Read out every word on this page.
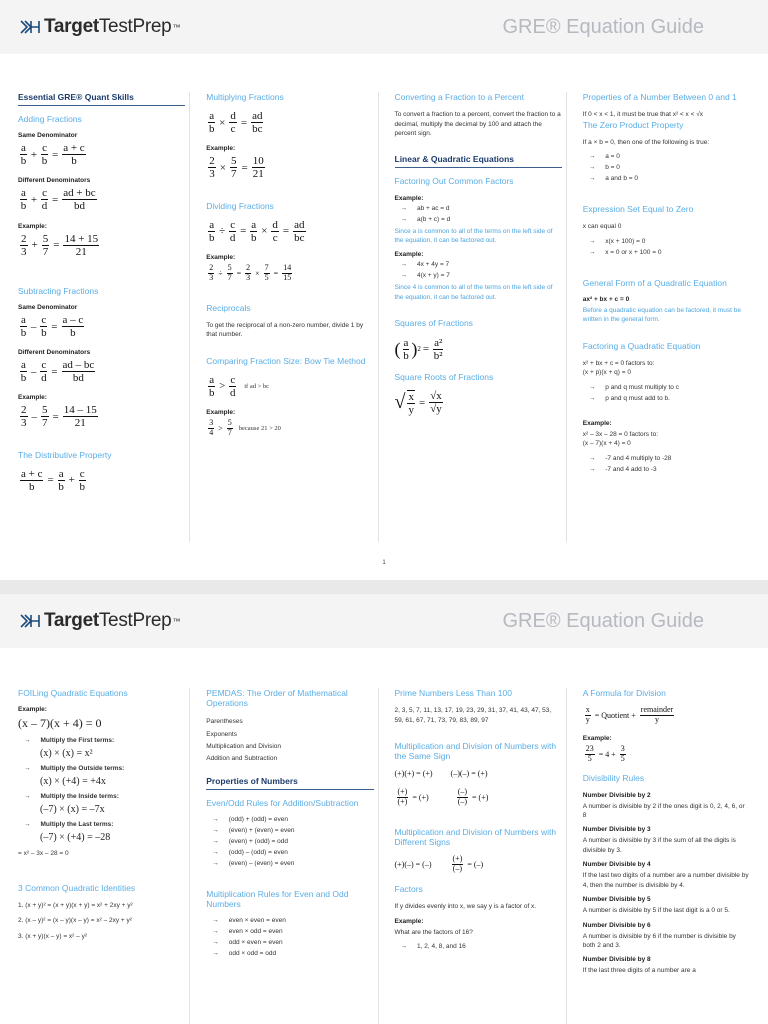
Target TestPrep ™	GRE® Equation Guide
Essential GRE® Quant Skills
Adding Fractions
Same Denominator
$\frac{a}{b} + \frac{c}{b} = \frac{a + c}{b}$
Different Denominators
$\frac{a}{b} + \frac{c}{d} = \frac{ad + bc}{bd}$
Example:
$\frac{2}{3} + \frac{5}{7} = \frac{14 + 15}{21}$
Subtracting Fractions
Same Denominator
$\frac{a}{b} - \frac{c}{b} = \frac{a - c}{b}$
Different Denominators
$\frac{a}{b} - \frac{c}{d} = \frac{ad - bc}{bd}$
Example:
$\frac{2}{3} - \frac{5}{7} = \frac{14 - 15}{21}$
The Distributive Property
$\frac{a + c}{b} = \frac{a}{b} + \frac{c}{b}$
Multiplying Fractions
$\frac{a}{b} \times \frac{d}{c} = \frac{ad}{bc}$
Example:
$\frac{2}{3} \times \frac{5}{7} = \frac{10}{21}$
Dividing Fractions
$\frac{a}{b} \div \frac{c}{d} = \frac{a}{b} \times \frac{d}{c} = \frac{ad}{bc}$
Example:
$\frac{2}{3} \div \frac{5}{7} = \frac{2}{3} \times \frac{7}{5} = \frac{14}{15}$
Reciprocals
To get the reciprocal of a non-zero number, divide 1 by that number.
Comparing Fraction Size: Bow Tie Method
$\frac{a}{b} > \frac{c}{d}$ if ad > bc
Example:
$\frac{3}{4} > \frac{5}{7}$ because 21 > 20
Converting a Fraction to a Percent
To convert a fraction to a percent, convert the fraction to a decimal, multiply the decimal by 100 and attach the percent sign.
Linear & Quadratic Equations
Factoring Out Common Factors
Example:
→ ab + ac = d
→ a(b + c) = d
Since a is common to all of the terms on the left side of the equation, it can be factored out.
Example:
→ 4x + 4y = 7
→ 4(x + y) = 7
Since 4 is common to all of the terms on the left side of the equation, it can be factored out.
Squares of Fractions
( $\frac{a}{b}$ ) $2 = \frac{\text{a²}}{\text{b²}}$
Square Roots of Fractions
√ $\frac{x}{y} = \frac{√x}{√y}$
Properties of a Number Between 0 and 1
If 0 < x < 1, it must be true that x² < x < √x
The Zero Product Property
If a × b = 0, then one of the following is true:
→ a = 0
→ b = 0
→ a and b = 0
Expression Set Equal to Zero
x can equal 0
→ x(x + 100) = 0
→ x = 0 or x + 100 = 0
General Form of a Quadratic Equation
ax² + bx + c = 0
Before a quadratic equation can be factored, it must be written in the general form.
Factoring a Quadratic Equation
x² + bx + c = 0 factors to:
(x + p)(x + q) = 0
→ p and q must multiply to c
→ p and q must add to b.
Example:
x² – 3x – 28 = 0 factors to:
(x – 7)(x + 4) = 0
→ -7 and 4 multiply to -28
→ -7 and 4 add to -3
1
Target TestPrep ™	GRE® Equation Guide
FOILing Quadratic Equations
Example:
(x – 7)(x + 4) = 0
→ Multiply the First terms:
(x) × (x) = x²
→ Multiply the Outside terms:
(x) × (+4) = +4x
→ Multiply the Inside terms:
(–7) × (x) = –7x
→ Multiply the Last terms:
(–7) × (+4) = –28
= x² – 3x – 28 = 0
3 Common Quadratic Identities
1. (x + y)² = (x + y)(x + y) = x² + 2xy + y²
2. (x – y)² = (x – y)(x – y) = x² – 2xy + y²
3. (x + y)(x – y) = x² – y²
PEMDAS: The Order of Mathematical Operations
Parentheses
Exponents
Multiplication and Division
Addition and Subtraction
Properties of Numbers
Even/Odd Rules for Addition/Subtraction
→ (odd) + (odd) = even
→ (even) + (even) = even
→ (even) + (odd) = odd
→ (odd) – (odd) = even
→ (even) – (even) = even
Multiplication Rules for Even and Odd Numbers
→ even × even = even
→ even × odd = even
→ odd × even = even
→ odd × odd = odd
Prime Numbers Less Than 100
2, 3, 5, 7, 11, 13, 17, 19, 23, 29, 31, 37, 41, 43, 47, 53, 59, 61, 67, 71, 73, 79, 83, 89, 97
Multiplication and Division of Numbers with the Same Sign
(+)(+) = (+) (–)(–) = (+)
$\frac{(+)}{(+)}$ = (+)	$\frac{(-)}{(-)}$ = (+)
Multiplication and Division of Numbers with Different Signs
(+)(–) = (–)	$\frac{(+)}{(-)}$ = (–)
Factors
If y divides evenly into x, we say y is a factor of x.
Example:
What are the factors of 16?
→ 1, 2, 4, 8, and 16
A Formula for Division
$\frac{x}{y}$ = Quotient + $\frac{\text{remainder}}{y}$
Example:
$\frac{23}{5} = 4 + \frac{3}{5}$
Divisibility Rules
Number Divisible by 2
A number is divisible by 2 if the ones digit is 0, 2, 4, 6, or 8
Number Divisible by 3
A number is divisible by 3 if the sum of all the digits is divisible by 3.
Number Divisible by 4
If the last two digits of a number are a number divisible by 4, then the number is divisible by 4.
Number Divisible by 5
A number is divisible by 5 if the last digit is a 0 or 5.
Number Divisible by 6
A number is divisible by 6 if the number is divisible by both 2 and 3.
Number Divisible by 8
If the last three digits of a number are a
